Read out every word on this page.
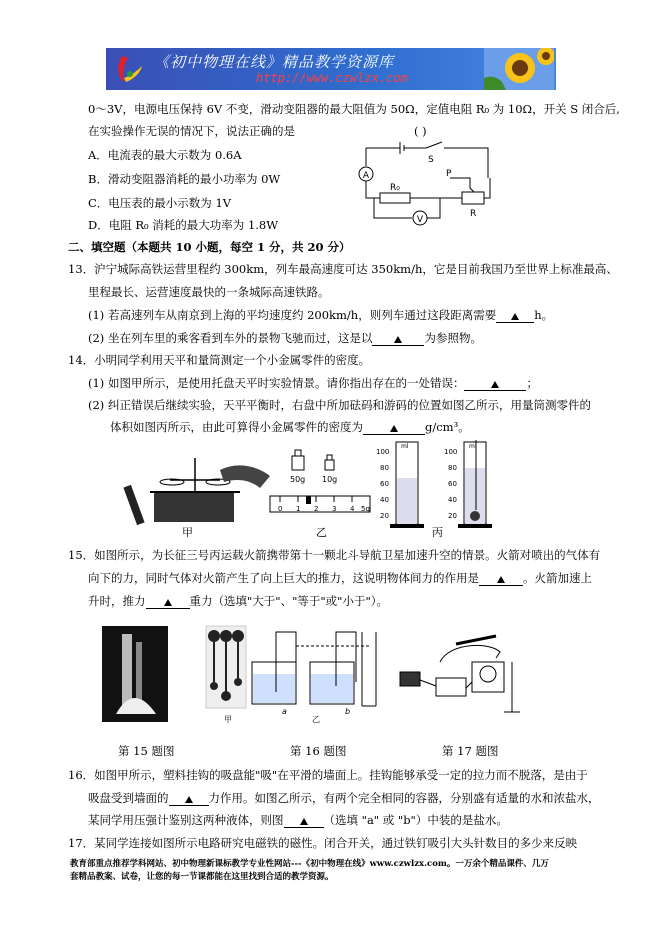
《初中物理在线》精品教学资源库
http://www.czwlzx.com
0～3V，电源电压保持 6V 不变，滑动变阻器的最大阻值为 50Ω，定值电阻 R₀ 为 10Ω，开关 S 闭合后,
在实验操作无误的情况下，说法正确的是	( )
A．电流表的最大示数为 0.6A
B．滑动变阻器消耗的最小功率为 0W
C．电压表的最小示数为 1V
D．电阻 R₀ 消耗的最大功率为 1.8W
A
V
S
P
R₀
R
二、填空题（本题共 10 小题，每空 1 分，共 20 分）
13．沪宁城际高铁运营里程约 300km，列车最高速度可达 350km/h，它是目前我国乃至世界上标准最高、
里程最长、运营速度最快的一条城际高速铁路。
(1) 若高速列车从南京到上海的平均速度约 200km/h，则列车通过这段距离需要	h。
(2) 坐在列车里的乘客看到车外的景物飞驰而过，这是以	为参照物。
14．小明同学利用天平和量筒测定一个小金属零件的密度。
(1) 如图甲所示，是使用托盘天平时实验情景。请你指出存在的一处错误：	；
(2) 纠正错误后继续实验，天平平衡时，右盘中所加砝码和游码的位置如图乙所示，用量筒测零件的
体积如图丙所示，由此可算得小金属零件的密度为	g/cm³。
甲
50g 10g
0 1 2 3 4 5g
乙
ml	ml
100
80
60
40
20
100
80
60
40
20
丙
15．如图所示，为长征三号丙运载火箭携带第十一颗北斗导航卫星加速升空的情景。火箭对喷出的气体有
向下的力，同时气体对火箭产生了向上巨大的推力，这说明物体间力的作用是	。火箭加速上
升时，推力	重力（选填"大于"、"等于"或"小于"）。
甲
a
乙
b
第 15 题图	第 16 题图	第 17 题图
16．如图甲所示，塑料挂钩的吸盘能"吸"在平滑的墙面上。挂钩能够承受一定的拉力而不脱落，是由于
吸盘受到墙面的	力作用。如图乙所示，有两个完全相同的容器，分别盛有适量的水和浓盐水，
某同学用压强计鉴别这两种液体，则图	（选填 "a" 或 "b"）中装的是盐水。
17．某同学连接如图所示电路研究电磁铁的磁性。闭合开关，通过铁钉吸引大头针数目的多少来反映
教育部重点推荐学科网站、初中物理新课标教学专业性网站---《初中物理在线》www.czwlzx.com。一万余个精品课件、几万
套精品教案、试卷，让您的每一节课都能在这里找到合适的教学资源。
